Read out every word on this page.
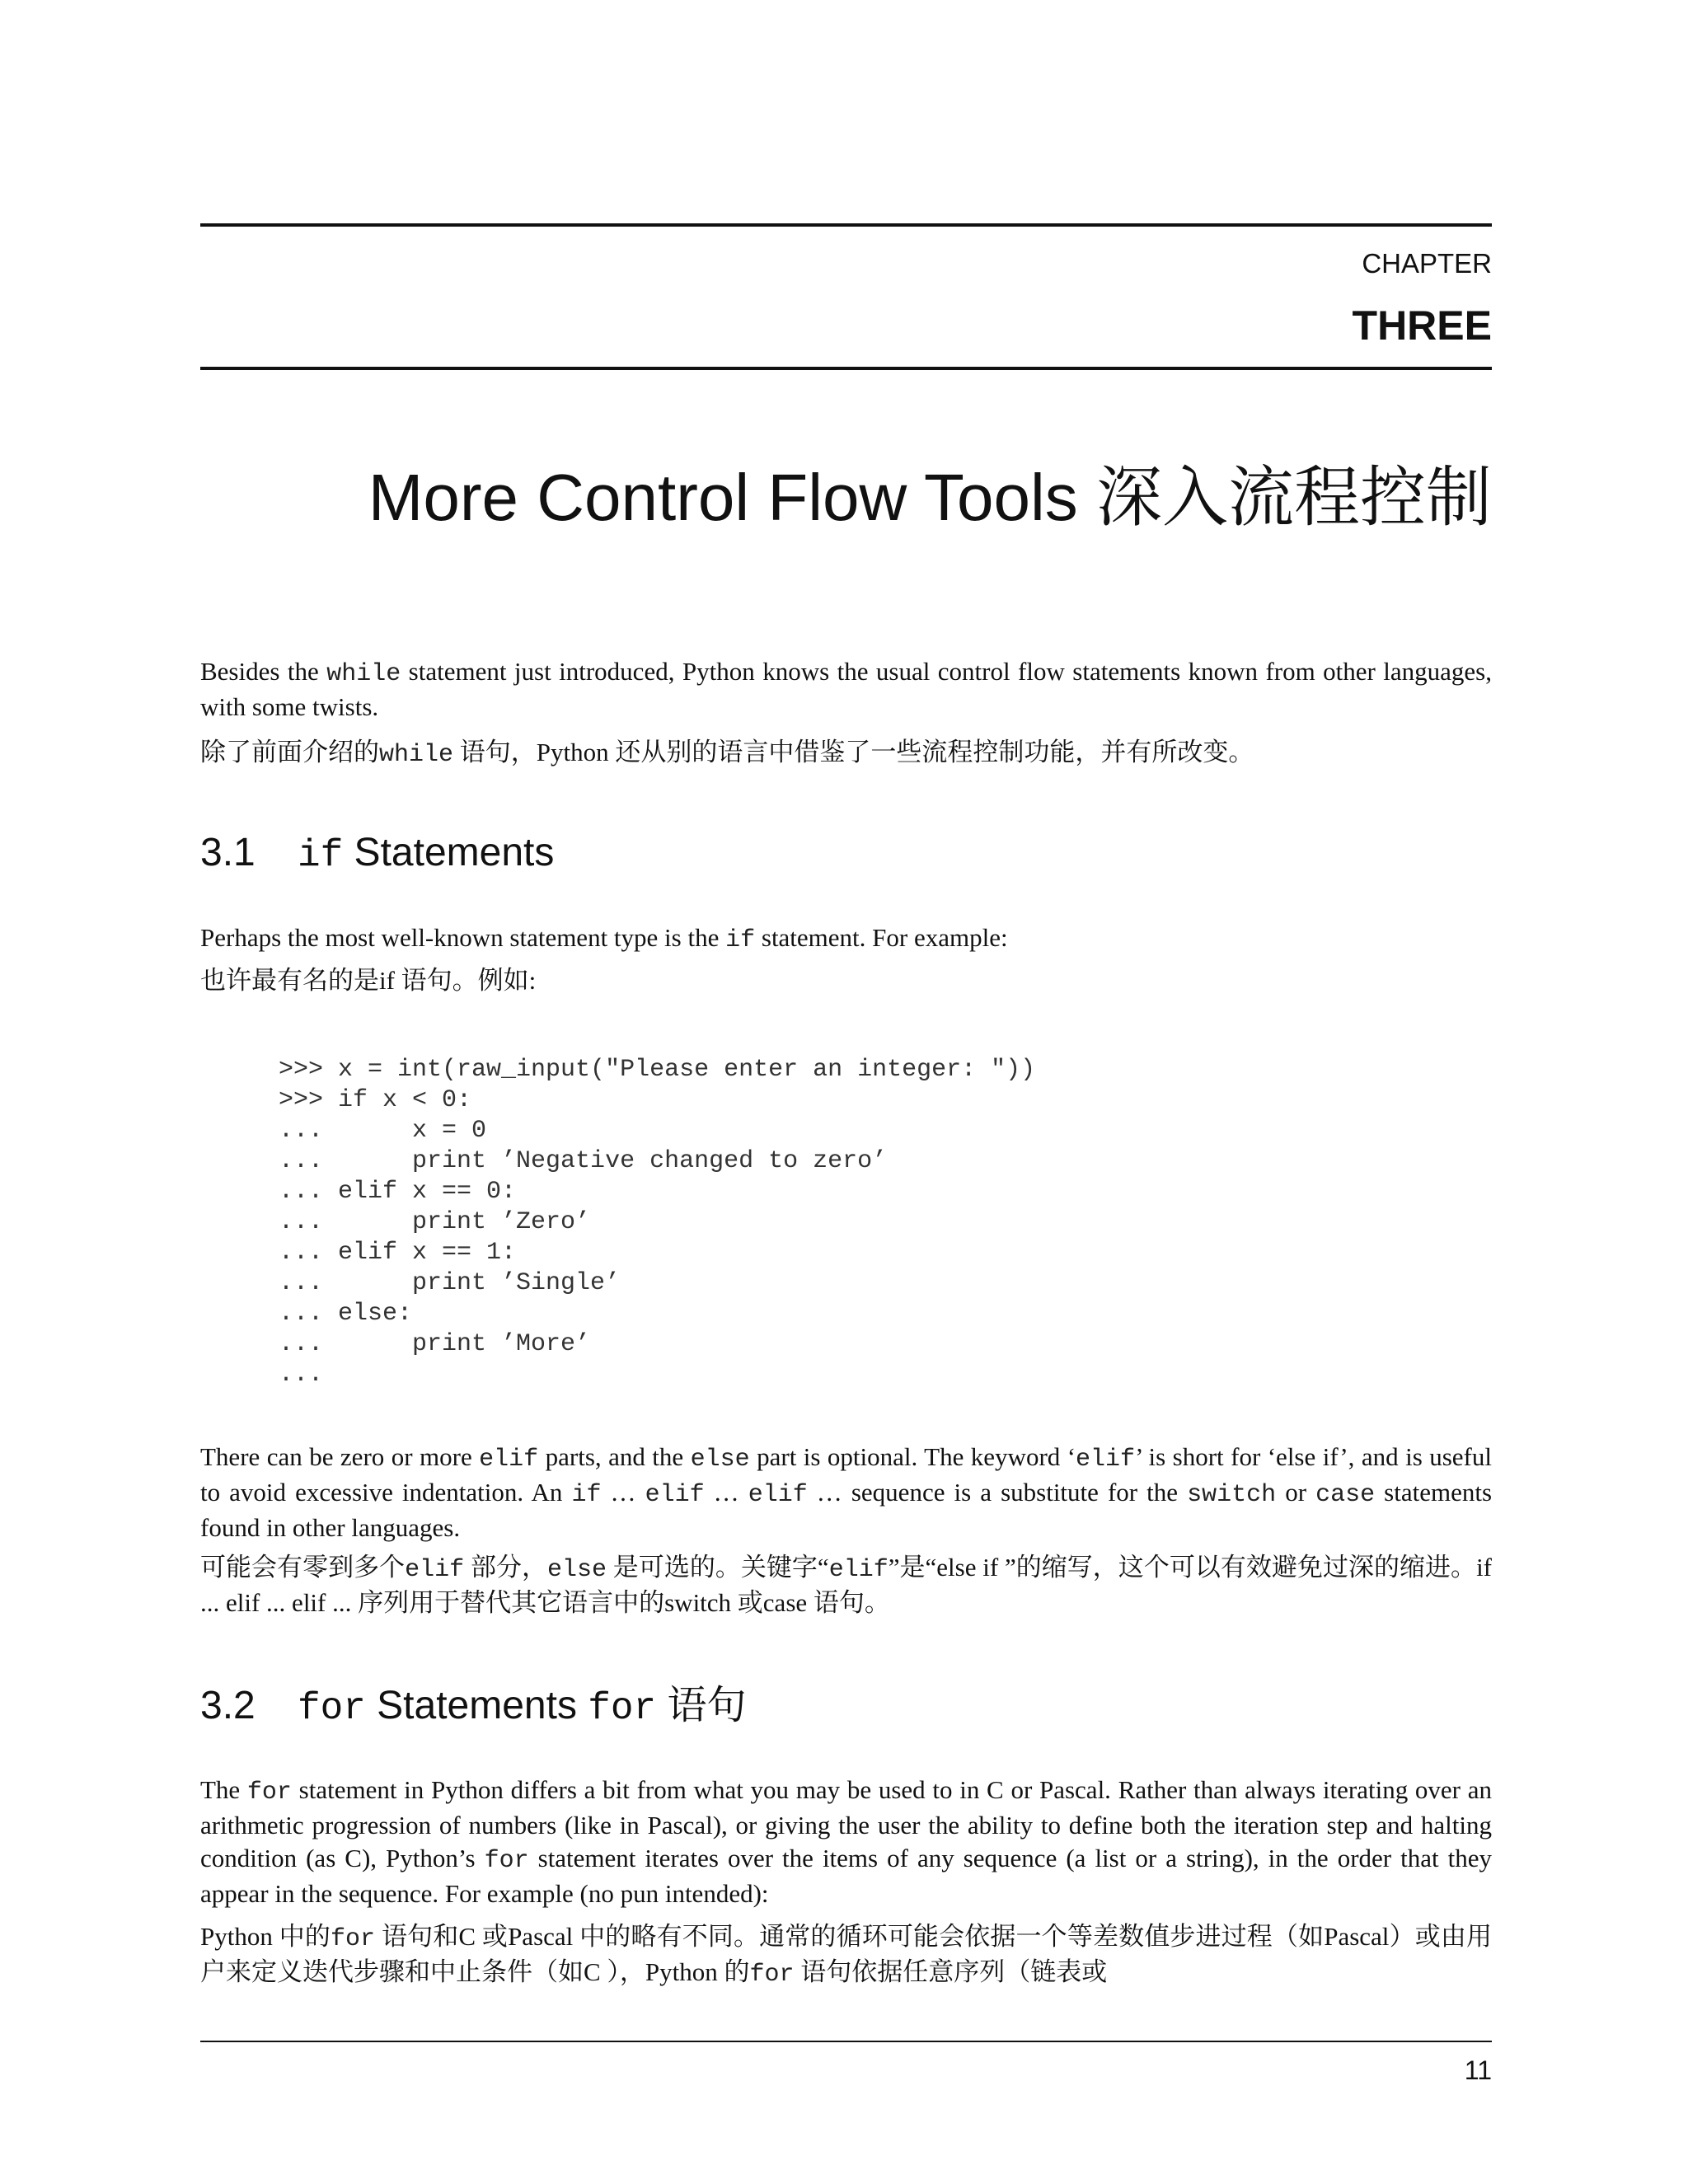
CHAPTER
THREE
More Control Flow Tools 深入流程控制
Besides the while statement just introduced, Python knows the usual control flow statements known from other languages, with some twists.
除了前面介绍的while 语句，Python 还从别的语言中借鉴了一些流程控制功能，并有所改变。
3.1 if Statements
Perhaps the most well-known statement type is the if statement. For example:
也许最有名的是if 语句。例如:
>>> x = int(raw_input("Please enter an integer: "))
>>> if x < 0:
...      x = 0
...      print ’Negative changed to zero’
... elif x == 0:
...      print ’Zero’
... elif x == 1:
...      print ’Single’
... else:
...      print ’More’
...
There can be zero or more elif parts, and the else part is optional. The keyword ‘elif’ is short for ‘else if’, and is useful to avoid excessive indentation. An if … elif … elif … sequence is a substitute for the switch or case statements found in other languages.
可能会有零到多个elif 部分，else 是可选的。关键字“elif”是“else if ”的缩写，这个可以有效避免过深的缩进。if ... elif ... elif ... 序列用于替代其它语言中的switch 或case 语句。
3.2 for Statements for 语句
The for statement in Python differs a bit from what you may be used to in C or Pascal. Rather than always iterating over an arithmetic progression of numbers (like in Pascal), or giving the user the ability to define both the iteration step and halting condition (as C), Python’s for statement iterates over the items of any sequence (a list or a string), in the order that they appear in the sequence. For example (no pun intended):
Python 中的for 语句和C 或Pascal 中的略有不同。通常的循环可能会依据一个等差数值步进过程（如Pascal）或由用户来定义迭代步骤和中止条件（如C ），Python 的for 语句依据任意序列（链表或
11
